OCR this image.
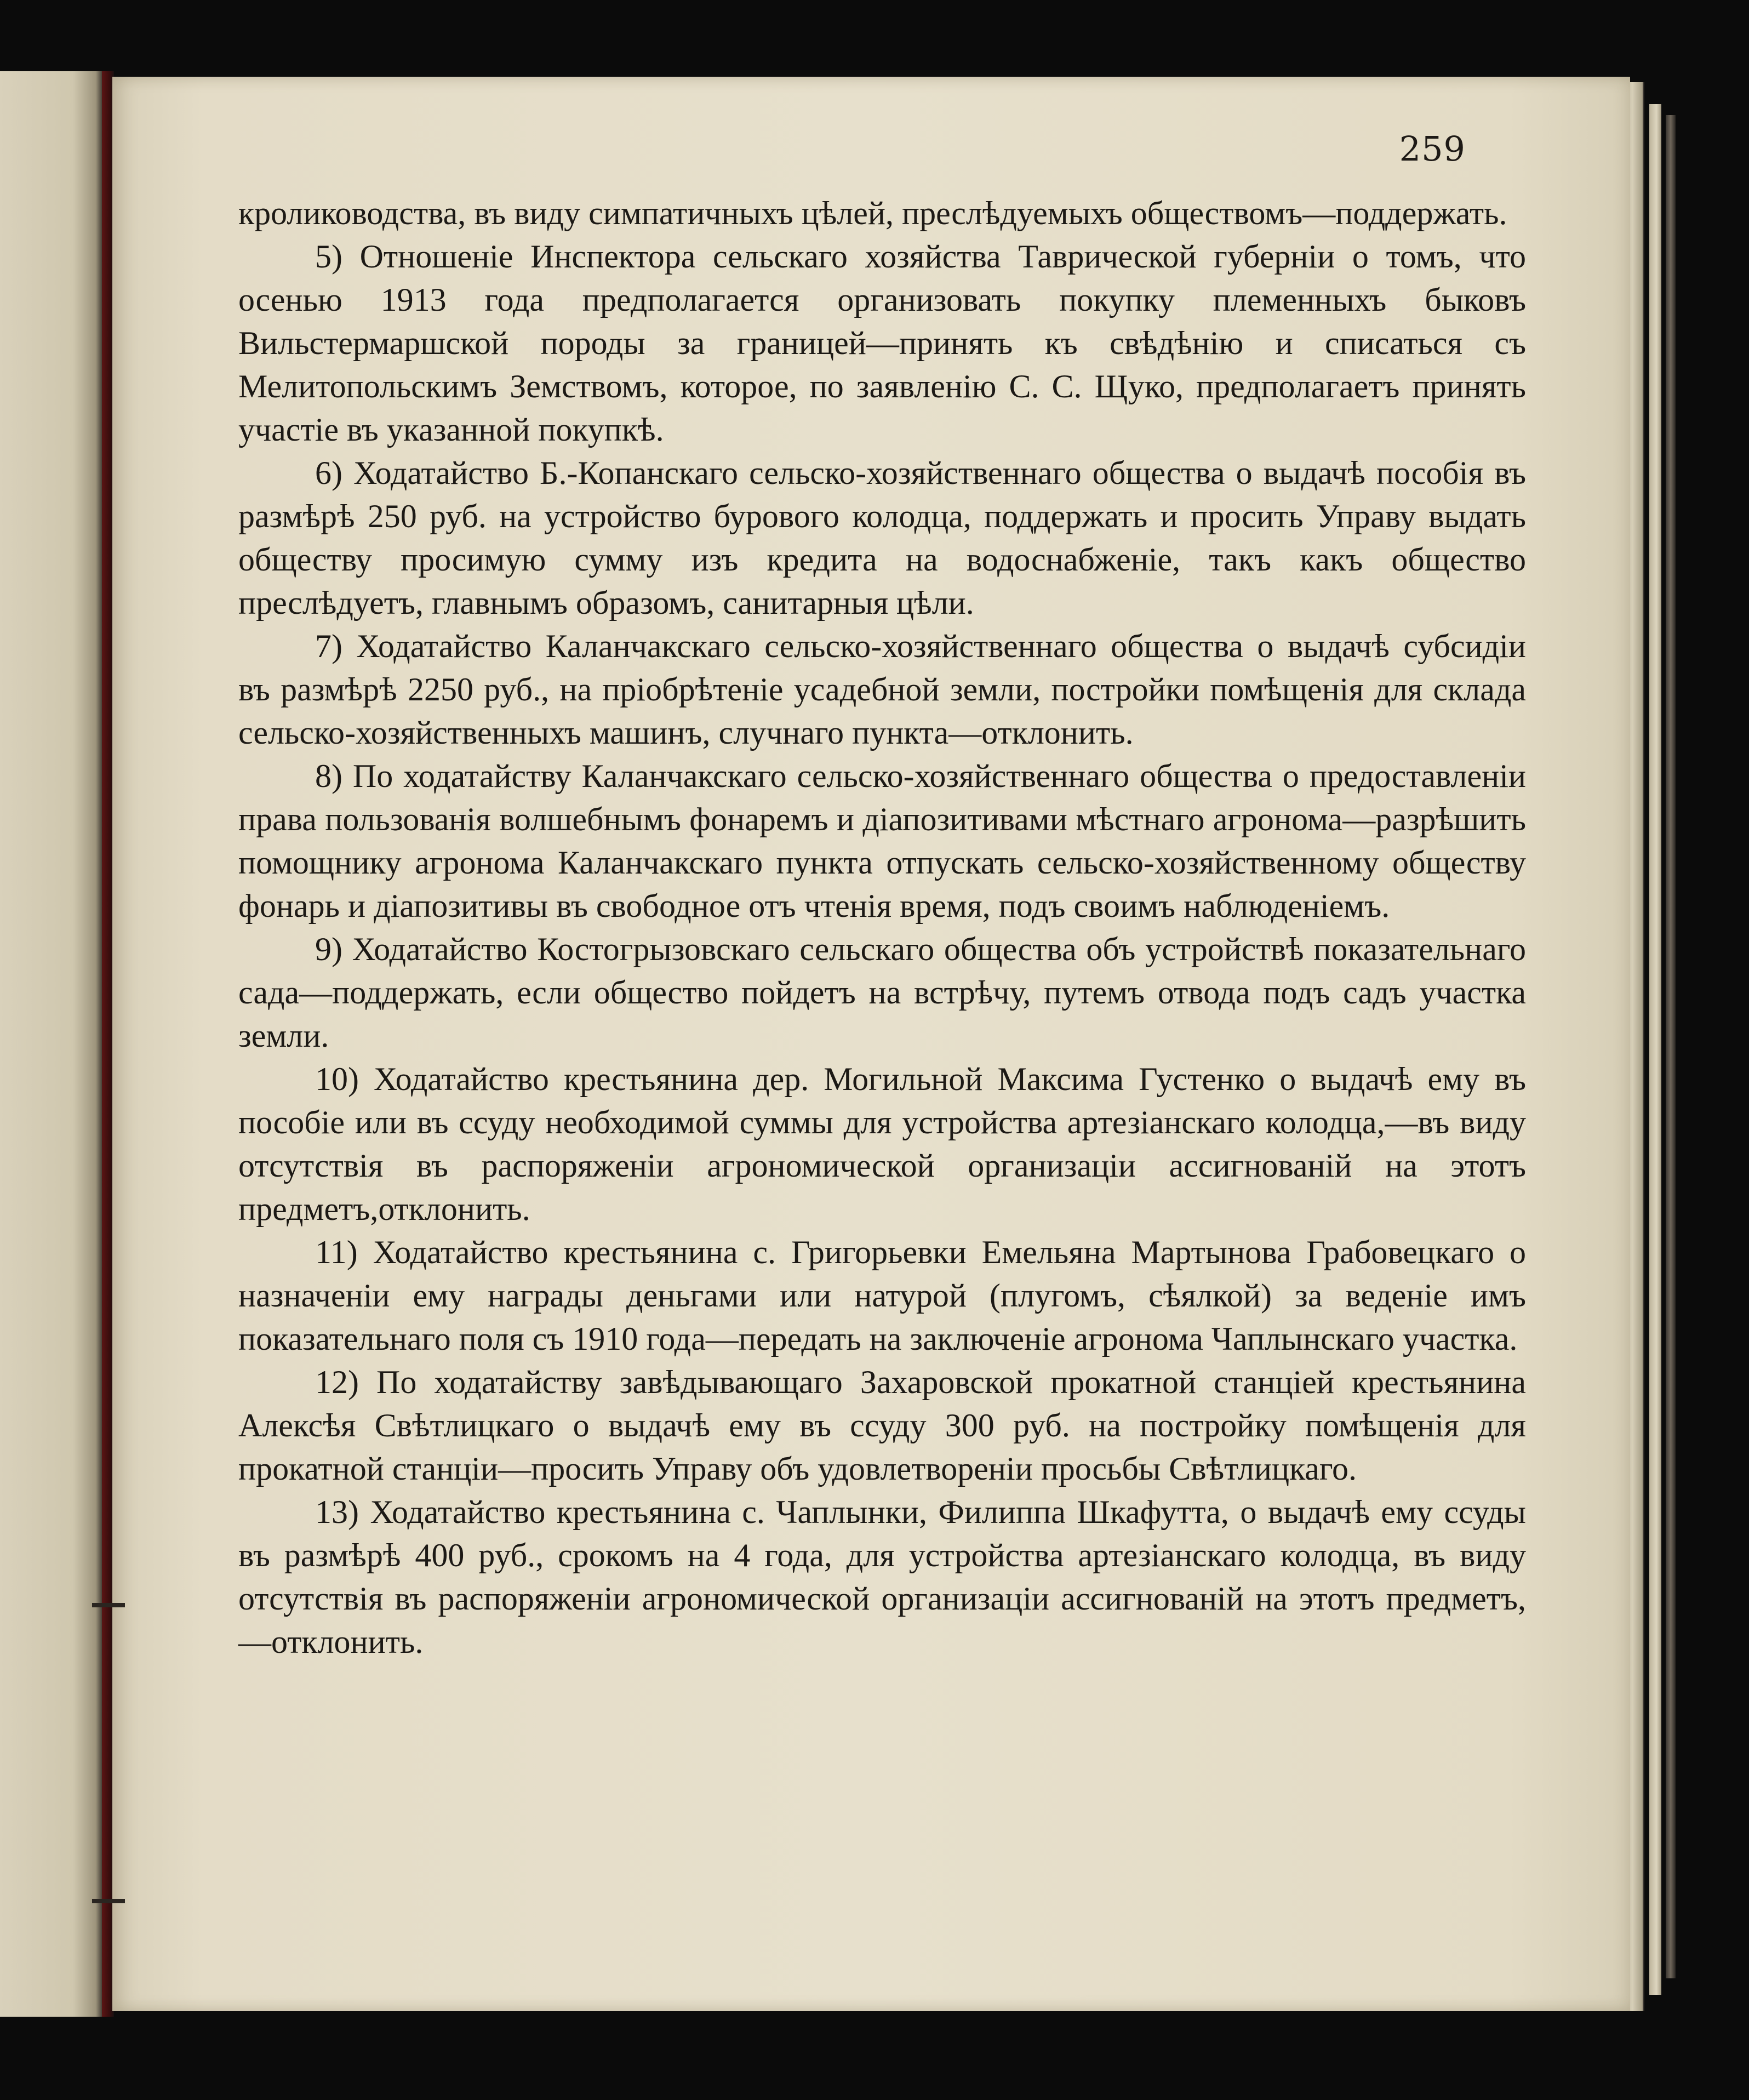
259

кролиководства, въ виду симпатичныхъ цѣлей, преслѣдуемыхъ обществомъ—поддержать.

5) Отношеніе Инспектора сельскаго хозяйства Таврической губерніи о томъ, что осенью 1913 года предполагается организовать покупку племенныхъ быковъ Вильстермаршской породы за границей—принять къ свѣдѣнію и списаться съ Мелитопольскимъ Земствомъ, которое, по заявленію С. С. Щуко, предполагаетъ принять участіе въ указанной покупкѣ.

6) Ходатайство Б.-Копанскаго сельско-хозяйственнаго общества о выдачѣ пособія въ размѣрѣ 250 руб. на устройство бурового колодца, поддержать и просить Управу выдать обществу просимую сумму изъ кредита на водоснабженіе, такъ какъ общество преслѣдуетъ, главнымъ образомъ, санитарныя цѣли.

7) Ходатайство Каланчакскаго сельско-хозяйственнаго общества о выдачѣ субсидіи въ размѣрѣ 2250 руб., на пріобрѣтеніе усадебной земли, постройки помѣщенія для склада сельско-хозяйственныхъ машинъ, случнаго пункта—отклонить.

8) По ходатайству Каланчакскаго сельско-хозяйственнаго общества о предоставленіи права пользованія волшебнымъ фонаремъ и діапозитивами мѣстнаго агронома—разрѣшить помощнику агронома Каланчакскаго пункта отпускать сельско-хозяйственному обществу фонарь и діапозитивы въ свободное отъ чтенія время, подъ своимъ наблюденіемъ.

9) Ходатайство Костогрызовскаго сельскаго общества объ устройствѣ показательнаго сада—поддержать, если общество пойдетъ на встрѣчу, путемъ отвода подъ садъ участка земли.

10) Ходатайство крестьянина дер. Могильной Максима Густенко о выдачѣ ему въ пособіе или въ ссуду необходимой суммы для устройства артезіанскаго колодца,—въ виду отсутствія въ распоряженіи агрономической организаціи ассигнованій на этотъ предметъ,отклонить.

11) Ходатайство крестьянина с. Григорьевки Емельяна Мартынова Грабовецкаго о назначеніи ему награды деньгами или натурой (плугомъ, сѣялкой) за веденіе имъ показательнаго поля съ 1910 года—передать на заключеніе агронома Чаплынскаго участка.

12) По ходатайству завѣдывающаго Захаровской прокатной станціей крестьянина Алексѣя Свѣтлицкаго о выдачѣ ему въ ссуду 300 руб. на постройку помѣщенія для прокатной станціи—просить Управу объ удовлетвореніи просьбы Свѣтлицкаго.

13) Ходатайство крестьянина с. Чаплынки, Филиппа Шкафутта, о выдачѣ ему ссуды въ размѣрѣ 400 руб., срокомъ на 4 года, для устройства артезіанскаго колодца, въ виду отсутствія въ распоряженіи агрономической организаціи ассигнованій на этотъ предметъ,—отклонить.
